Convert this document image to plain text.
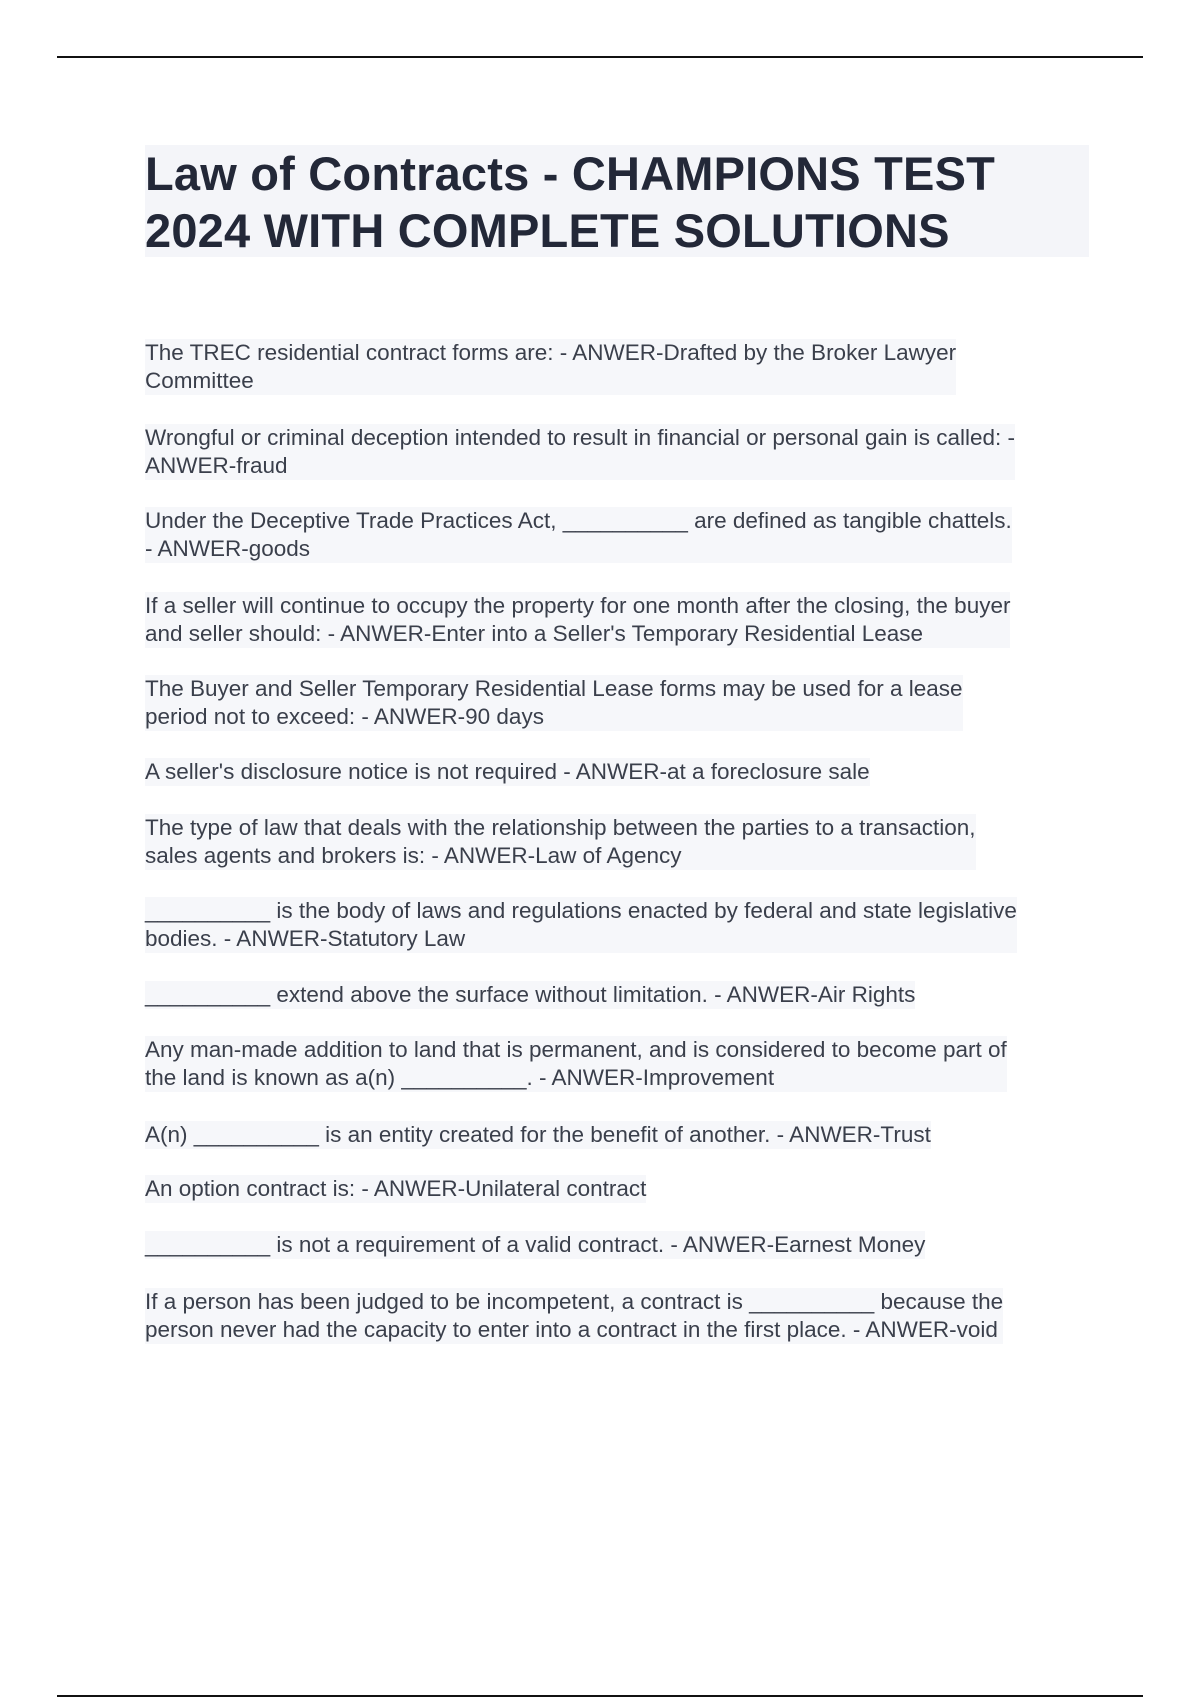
Law of Contracts - CHAMPIONS TEST
2024 WITH COMPLETE SOLUTIONS

The TREC residential contract forms are: - ANWER-Drafted by the Broker Lawyer
Committee

Wrongful or criminal deception intended to result in financial or personal gain is called: -
ANWER-fraud

Under the Deceptive Trade Practices Act, __________ are defined as tangible chattels.
- ANWER-goods

If a seller will continue to occupy the property for one month after the closing, the buyer
and seller should: - ANWER-Enter into a Seller's Temporary Residential Lease

The Buyer and Seller Temporary Residential Lease forms may be used for a lease
period not to exceed: - ANWER-90 days

A seller's disclosure notice is not required - ANWER-at a foreclosure sale

The type of law that deals with the relationship between the parties to a transaction,
sales agents and brokers is: - ANWER-Law of Agency

__________ is the body of laws and regulations enacted by federal and state legislative
bodies. - ANWER-Statutory Law

__________ extend above the surface without limitation. - ANWER-Air Rights

Any man-made addition to land that is permanent, and is considered to become part of
the land is known as a(n) __________. - ANWER-Improvement

A(n) __________ is an entity created for the benefit of another. - ANWER-Trust

An option contract is: - ANWER-Unilateral contract

__________ is not a requirement of a valid contract. - ANWER-Earnest Money

If a person has been judged to be incompetent, a contract is __________ because the
person never had the capacity to enter into a contract in the first place. - ANWER-void
